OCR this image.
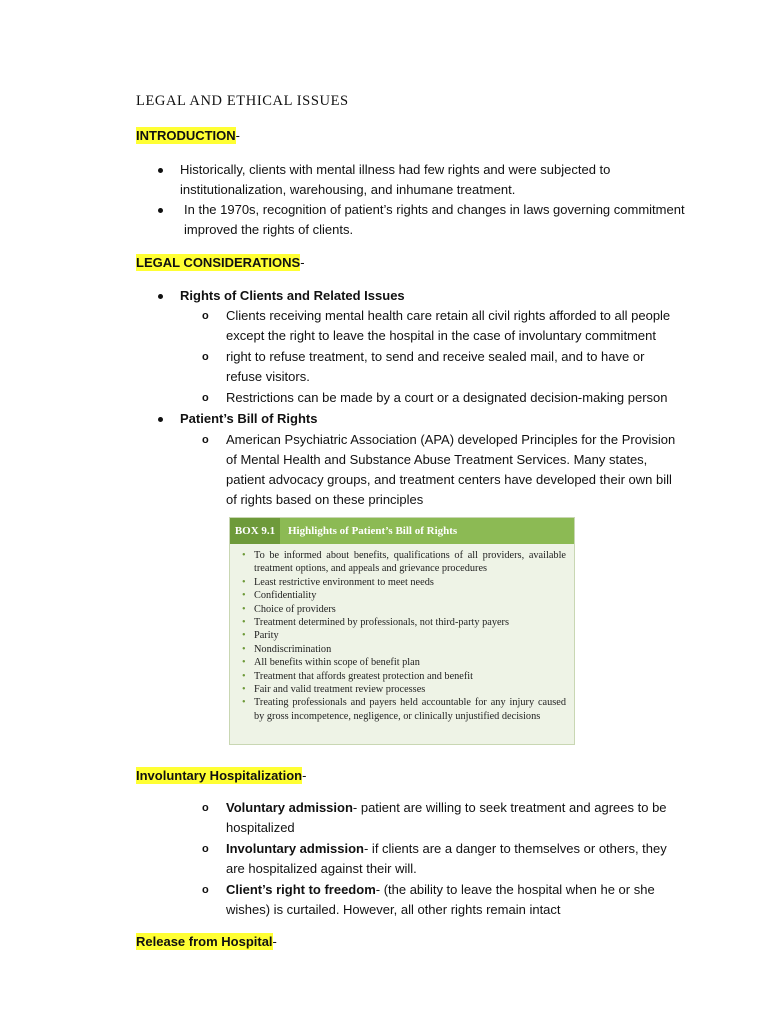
LEGAL AND ETHICAL ISSUES
INTRODUCTION-
Historically, clients with mental illness had few rights and were subjected to institutionalization, warehousing, and inhumane treatment.
In the 1970s, recognition of patient’s rights and changes in laws governing commitment improved the rights of clients.
LEGAL CONSIDERATIONS-
Rights of Clients and Related Issues
o Clients receiving mental health care retain all civil rights afforded to all people except the right to leave the hospital in the case of involuntary commitment
o right to refuse treatment, to send and receive sealed mail, and to have or refuse visitors.
o Restrictions can be made by a court or a designated decision-making person
Patient’s Bill of Rights
o American Psychiatric Association (APA) developed Principles for the Provision of Mental Health and Substance Abuse Treatment Services. Many states, patient advocacy groups, and treatment centers have developed their own bill of rights based on these principles
BOX 9.1	Highlights of Patient’s Bill of Rights
• To be informed about benefits, qualifications of all providers, available treatment options, and appeals and grievance procedures
• Least restrictive environment to meet needs
• Confidentiality
• Choice of providers
• Treatment determined by professionals, not third-party payers
• Parity
• Nondiscrimination
• All benefits within scope of benefit plan
• Treatment that affords greatest protection and benefit
• Fair and valid treatment review processes
• Treating professionals and payers held accountable for any injury caused by gross incompetence, negligence, or clinically unjustified decisions
Involuntary Hospitalization-
o Voluntary admission- patient are willing to seek treatment and agrees to be hospitalized
o Involuntary admission- if clients are a danger to themselves or others, they are hospitalized against their will.
o Client’s right to freedom- (the ability to leave the hospital when he or she wishes) is curtailed. However, all other rights remain intact
Release from Hospital-
